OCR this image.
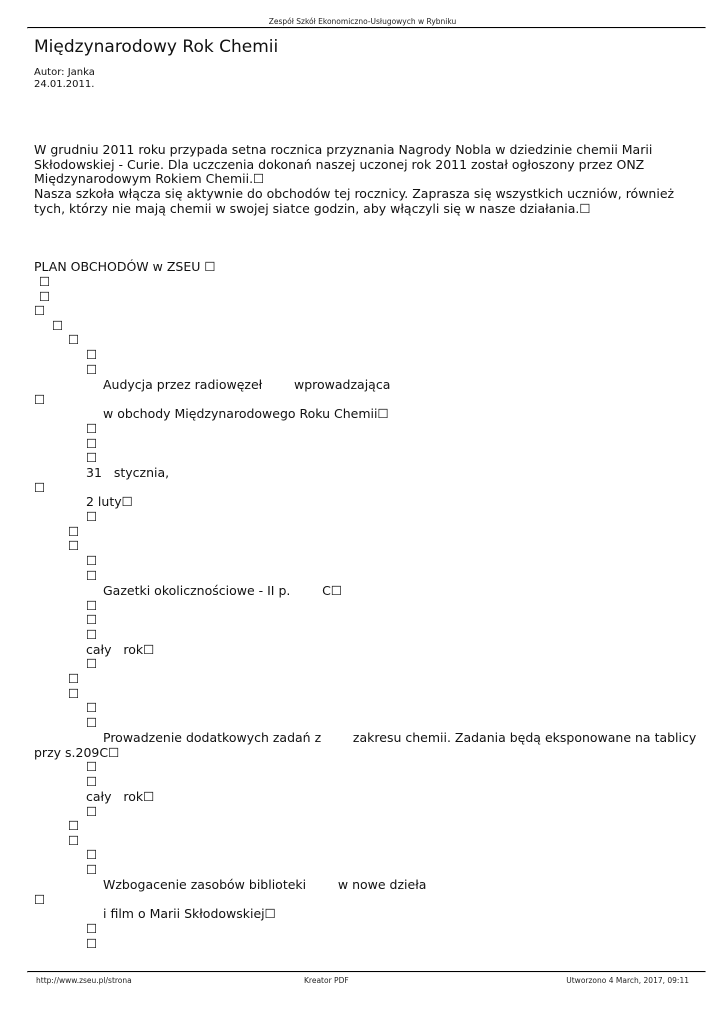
Zespół Szkół Ekonomiczno-Usługowych w Rybniku
Międzynarodowy Rok Chemii
Autor: Janka
24.01.2011.

W grudniu 2011 roku przypada setna rocznica przyznania Nagrody Nobla w dziedzinie chemii Marii Skłodowskiej - Curie. Dla uczczenia dokonań naszej uczonej rok 2011 został ogłoszony przez ONZ Międzynarodowym Rokiem Chemii.☐

Nasza szkoła włącza się aktywnie do obchodów tej rocznicy. Zaprasza się wszystkich uczniów, również tych, którzy nie mają chemii w swojej siatce godzin, aby włączyli się w nasze działania.☐

PLAN OBCHODÓW w ZSEU ☐
☐
☐
☐
☐
☐
☐
☐
Audycja przez radiowęzeł        wprowadzająca
☐
w obchody Międzynarodowego Roku Chemii☐
☐
☐
☐
31   stycznia,
☐
2 luty☐
☐
☐
☐
☐
☐
Gazetki okolicznościowe - II p.        C☐
☐
☐
☐
cały   rok☐
☐
☐
☐
☐
☐
Prowadzenie dodatkowych zadań z        zakresu chemii. Zadania będą eksponowane na tablicy
przy s.209C☐
☐
☐
cały   rok☐
☐
☐
☐
☐
☐
Wzbogacenie zasobów biblioteki        w nowe dzieła
☐
i film o Marii Skłodowskiej☐
☐
☐
http://www.zseu.pl/strona	Kreator PDF	Utworzono 4 March, 2017, 09:11
